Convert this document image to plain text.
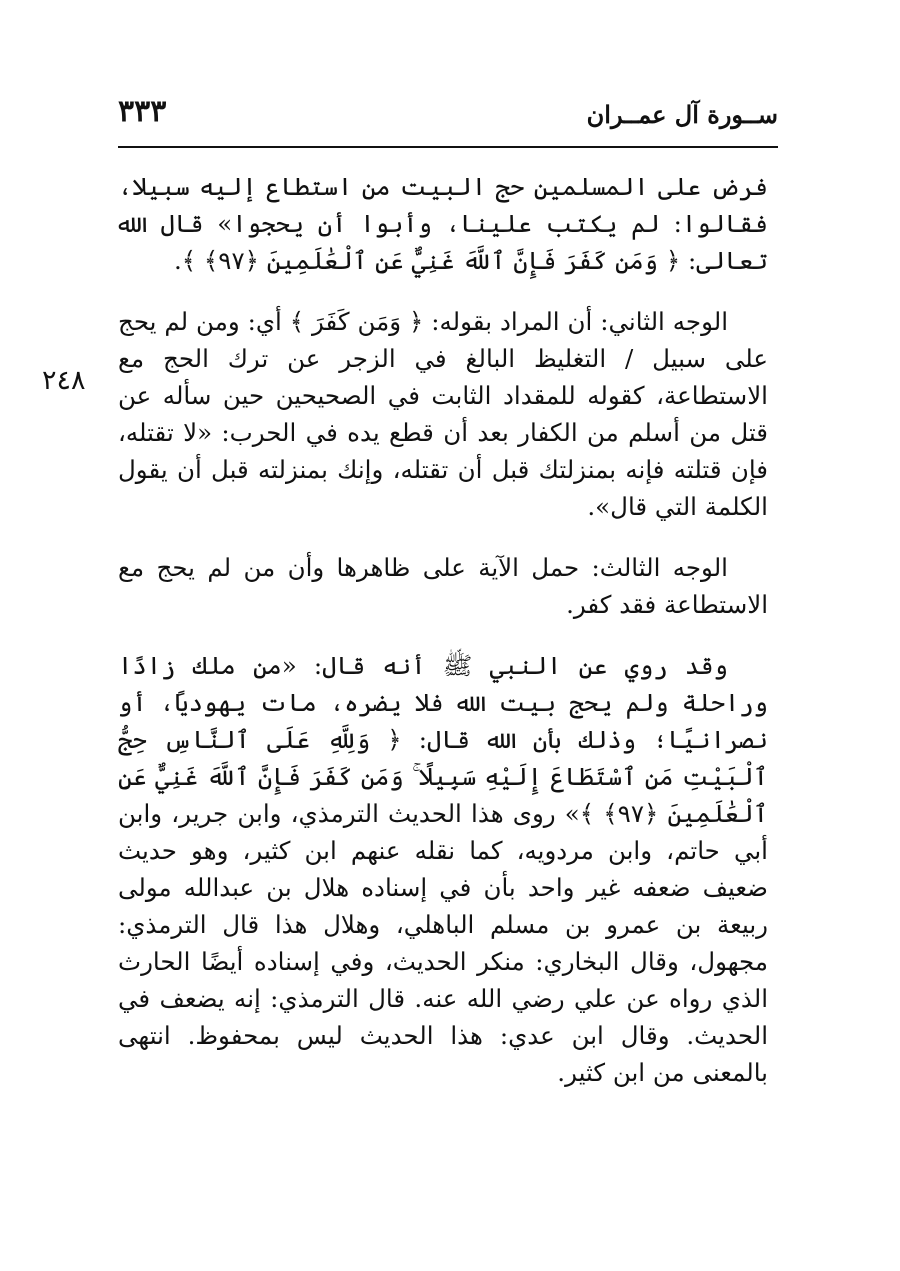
٣٣٣	ســورة آل عمــران
٢٤٨

فرض على المسلمين حج البيت من استطاع إليه سبيلا، فقالوا: لم يكتب علينا، وأبوا أن يحجوا» قال الله تعالى: ﴿ وَمَن كَفَرَ فَإِنَّ ٱللَّهَ غَنِيٌّ عَنِ ٱلْعَٰلَمِينَ ﴿٩٧﴾ ﴾.

الوجه الثاني: أن المراد بقوله: ﴿ وَمَن كَفَرَ ﴾ أي: ومن لم يحج على سبيل / التغليظ البالغ في الزجر عن ترك الحج مع الاستطاعة، كقوله للمقداد الثابت في الصحيحين حين سأله عن قتل من أسلم من الكفار بعد أن قطع يده في الحرب: «لا تقتله، فإن قتلته فإنه بمنزلتك قبل أن تقتله، وإنك بمنزلته قبل أن يقول الكلمة التي قال».

الوجه الثالث: حمل الآية على ظاهرها وأن من لم يحج مع الاستطاعة فقد كفر.

وقد روي عن النبي ﷺ أنه قال: «من ملك زادًا وراحلة ولم يحج بيت الله فلا يضره، مات يهوديًا، أو نصرانيًا؛ وذلك بأن الله قال: ﴿ وَلِلَّهِ عَلَى ٱلنَّاسِ حِجُّ ٱلْبَيْتِ مَنِ ٱسْتَطَاعَ إِلَيْهِ سَبِيلًا ۚ وَمَن كَفَرَ فَإِنَّ ٱللَّهَ غَنِيٌّ عَنِ ٱلْعَٰلَمِينَ ﴿٩٧﴾ ﴾» روى هذا الحديث الترمذي، وابن جرير، وابن أبي حاتم، وابن مردويه، كما نقله عنهم ابن كثير، وهو حديث ضعيف ضعفه غير واحد بأن في إسناده هلال بن عبدالله مولى ربيعة بن عمرو بن مسلم الباهلي، وهلال هذا قال الترمذي: مجهول، وقال البخاري: منكر الحديث، وفي إسناده أيضًا الحارث الذي رواه عن علي رضي الله عنه. قال الترمذي: إنه يضعف في الحديث. وقال ابن عدي: هذا الحديث ليس بمحفوظ. انتهى بالمعنى من ابن كثير.
